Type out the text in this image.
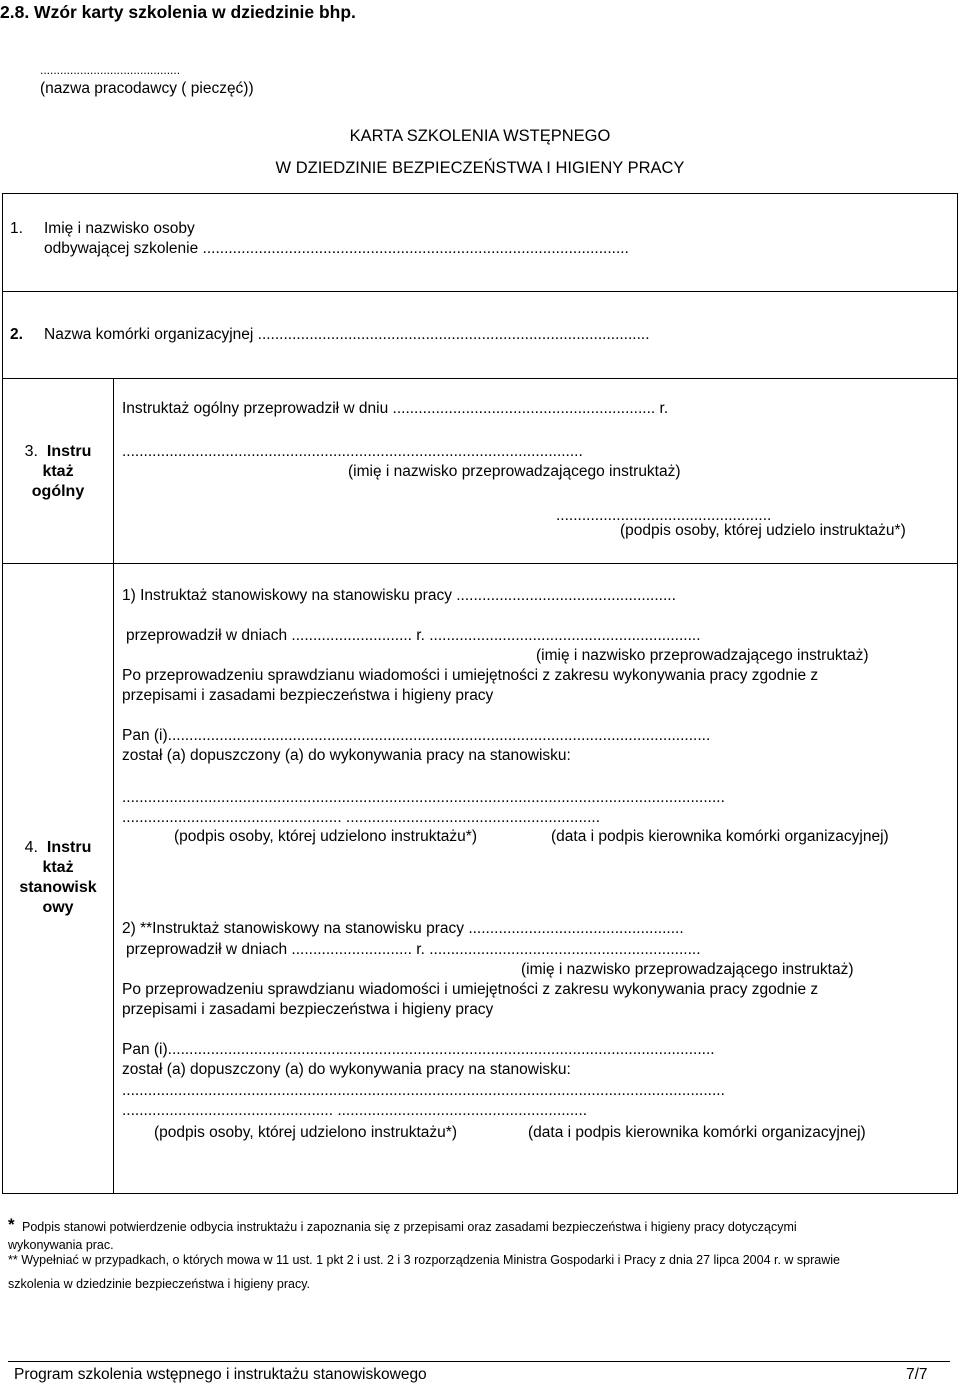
2.8. Wzór karty szkolenia w dziedzinie bhp.
..........................................
(nazwa pracodawcy ( pieczęć))
KARTA SZKOLENIA WSTĘPNEGO
W DZIEDZINIE BEZPIECZEŃSTWA I HIGIENY PRACY
1. Imię i nazwisko osoby
odbywającej szkolenie ...................................................................................................
2. Nazwa komórki organizacyjnej ...........................................................................................
3. Instru
ktaż
ogólny
Instruktaż ogólny przeprowadził w dniu ............................................................. r.
...........................................................................................................
(imię i nazwisko przeprowadzającego instruktaż)
..................................................
(podpis osoby, której udzielo instruktażu*)
4. Instru
ktaż
stanowisk
owy
1) Instruktaż stanowiskowy na stanowisku pracy ...................................................
przeprowadził w dniach ............................ r. ...............................................................
(imię i nazwisko przeprowadzającego instruktaż)
Po przeprowadzeniu sprawdzianu wiadomości i umiejętności z zakresu wykonywania pracy zgodnie z
przepisami i zasadami bezpieczeństwa i higieny pracy
Pan (i)..............................................................................................................................
został (a) dopuszczony (a) do wykonywania pracy na stanowisku:
............................................................................................................................................
................................................... ...........................................................
(podpis osoby, której udzielono instruktażu*)	(data i podpis kierownika komórki organizacyjnej)
2) **Instruktaż stanowiskowy na stanowisku pracy ..................................................
przeprowadził w dniach ............................ r. ...............................................................
(imię i nazwisko przeprowadzającego instruktaż)
Po przeprowadzeniu sprawdzianu wiadomości i umiejętności z zakresu wykonywania pracy zgodnie z
przepisami i zasadami bezpieczeństwa i higieny pracy
Pan (i)...............................................................................................................................
został (a) dopuszczony (a) do wykonywania pracy na stanowisku:
............................................................................................................................................
................................................. ..........................................................
(podpis osoby, której udzielono instruktażu*)	(data i podpis kierownika komórki organizacyjnej)
* Podpis stanowi potwierdzenie odbycia instruktażu i zapoznania się z przepisami oraz zasadami bezpieczeństwa i higieny pracy dotyczącymi
wykonywania prac.
** Wypełniać w przypadkach, o których mowa w 11 ust. 1 pkt 2 i ust. 2 i 3 rozporządzenia Ministra Gospodarki i Pracy z dnia 27 lipca 2004 r. w sprawie
szkolenia w dziedzinie bezpieczeństwa i higieny pracy.
Program szkolenia wstępnego i instruktażu stanowiskowego	7/7
